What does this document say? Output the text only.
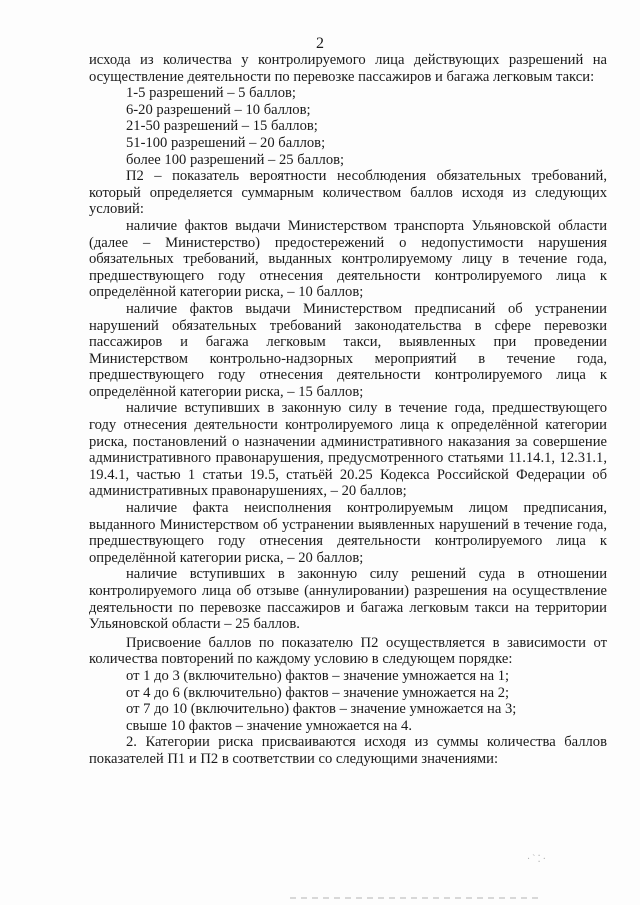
2

исхода из количества у контролируемого лица действующих разрешений на осуществление деятельности по перевозке пассажиров и багажа легковым такси:

1-5 разрешений – 5 баллов;

6-20 разрешений – 10 баллов;

21-50 разрешений – 15 баллов;

51-100 разрешений – 20 баллов;

более 100 разрешений – 25 баллов;

П2 – показатель вероятности несоблюдения обязательных требований, который определяется суммарным количеством баллов исходя из следующих условий:

наличие фактов выдачи Министерством транспорта Ульяновской области (далее – Министерство) предостережений о недопустимости нарушения обязательных требований, выданных контролируемому лицу в течение года, предшествующего году отнесения деятельности контролируемого лица к определённой категории риска, – 10 баллов;

наличие фактов выдачи Министерством предписаний об устранении нарушений обязательных требований законодательства в сфере перевозки пассажиров и багажа легковым такси, выявленных при проведении Министерством контрольно-надзорных мероприятий в течение года, предшествующего году отнесения деятельности контролируемого лица к определённой категории риска, – 15 баллов;

наличие вступивших в законную силу в течение года, предшествующего году отнесения деятельности контролируемого лица к определённой категории риска, постановлений о назначении административного наказания за совершение административного правонарушения, предусмотренного статьями 11.14.1, 12.31.1, 19.4.1, частью 1 статьи 19.5, статьёй 20.25 Кодекса Российской Федерации об административных правонарушениях, – 20 баллов;

наличие факта неисполнения контролируемым лицом предписания, выданного Министерством об устранении выявленных нарушений в течение года, предшествующего году отнесения деятельности контролируемого лица к определённой категории риска, – 20 баллов;

наличие вступивших в законную силу решений суда в отношении контролируемого лица об отзыве (аннулировании) разрешения на осуществление деятельности по перевозке пассажиров и багажа легковым такси на территории Ульяновской области – 25 баллов.

Присвоение баллов по показателю П2 осуществляется в зависимости от количества повторений по каждому условию в следующем порядке:

от 1 до 3 (включительно) фактов – значение умножается на 1;

от 4 до 6 (включительно) фактов – значение умножается на 2;

от 7 до 10 (включительно) фактов – значение умножается на 3;

свыше 10 фактов – значение умножается на 4.

2. Категории риска присваиваются исходя из суммы количества баллов показателей П1 и П2 в соответствии со следующими значениями:

·ˋ⁚·
